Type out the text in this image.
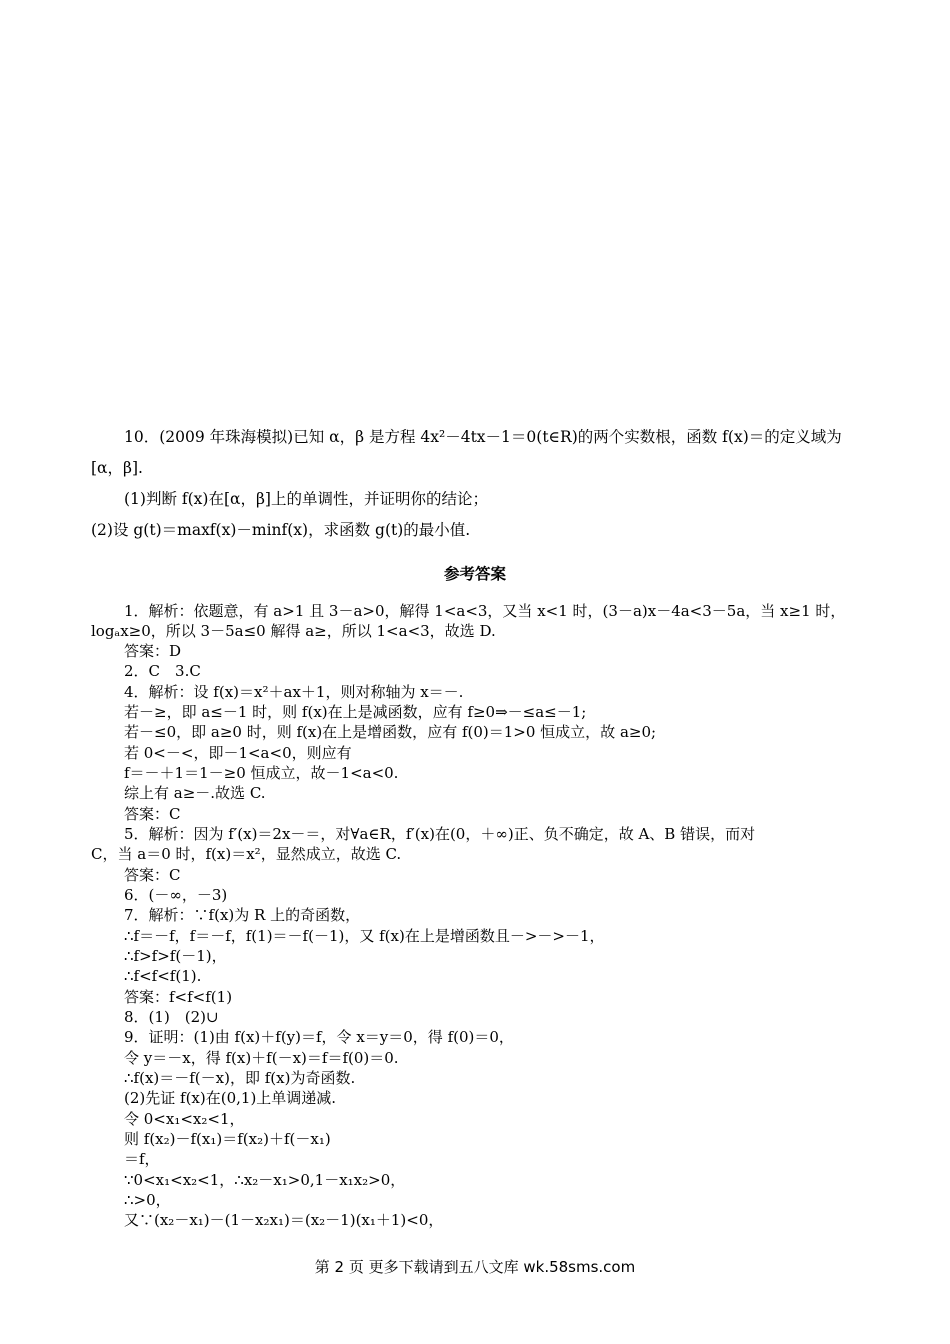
10．(2009 年珠海模拟)已知 α，β 是方程 4x²－4tx－1＝0(t∈R)的两个实数根，函数 f(x)＝的定义域为
[α，β].
(1)判断 f(x)在[α，β]上的单调性，并证明你的结论；
(2)设 g(t)＝maxf(x)－minf(x)，求函数 g(t)的最小值.
参考答案
1．解析：依题意，有 a>1 且 3－a>0，解得 1<a<3，又当 x<1 时，(3－a)x－4a<3－5a，当 x≥1 时，
logₐx≥0，所以 3－5a≤0 解得 a≥，所以 1<a<3，故选 D.
答案：D
2．C　3.C
4．解析：设 f(x)＝x²＋ax＋1，则对称轴为 x＝－.
若－≥，即 a≤－1 时，则 f(x)在上是减函数，应有 f≥0⇒－≤a≤－1;
若－≤0，即 a≥0 时，则 f(x)在上是增函数，应有 f(0)＝1>0 恒成立，故 a≥0;
若 0<－<，即－1<a<0，则应有
f＝－＋1＝1－≥0 恒成立，故－1<a<0.
综上有 a≥－.故选 C.
答案：C
5．解析：因为 f′(x)＝2x－＝，对∀a∈R，f′(x)在(0，＋∞)正、负不确定，故 A、B 错误，而对
C，当 a＝0 时，f(x)＝x²，显然成立，故选 C.
答案：C
6．(－∞，－3)
7．解析：∵f(x)为 R 上的奇函数，
∴f＝－f，f＝－f，f(1)＝－f(－1)，又 f(x)在上是增函数且－>－>－1，
∴f>f>f(－1)，
∴f<f<f(1).
答案：f<f<f(1)
8．(1)　(2)∪
9．证明：(1)由 f(x)＋f(y)＝f，令 x＝y＝0，得 f(0)＝0，
令 y＝－x，得 f(x)＋f(－x)＝f＝f(0)＝0.
∴f(x)＝－f(－x)，即 f(x)为奇函数.
(2)先证 f(x)在(0,1)上单调递减.
令 0<x₁<x₂<1，
则 f(x₂)－f(x₁)＝f(x₂)＋f(－x₁)
＝f，
∵0<x₁<x₂<1，∴x₂－x₁>0,1－x₁x₂>0，
∴>0，
又∵(x₂－x₁)－(1－x₂x₁)＝(x₂－1)(x₁＋1)<0，
第 2 页 更多下载请到五八文库 wk.58sms.com
